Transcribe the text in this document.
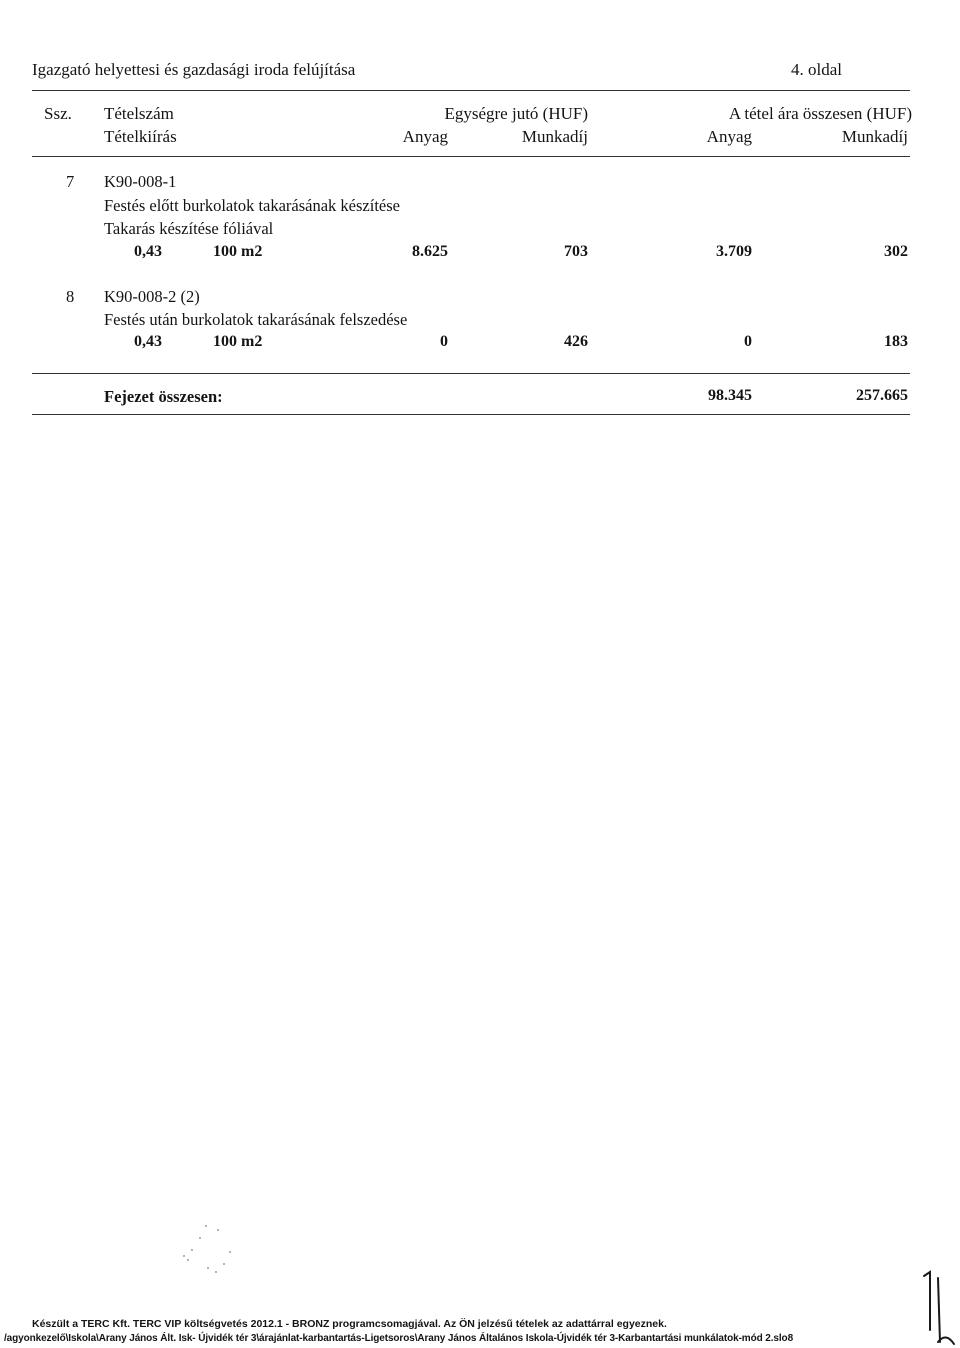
Igazgató helyettesi és gazdasági iroda felújítása	4. oldal
Ssz. Tételszám
Tételkiírás
Egységre jutó (HUF)
Anyag	Munkadíj
A tétel ára összesen (HUF)
Anyag	Munkadíj
7 K90-008-1
Festés előtt burkolatok takarásának készítése
Takarás készítése fóliával
0,43	100 m2	8.625	703	3.709	302
8 K90-008-2 (2)
Festés után burkolatok takarásának felszedése
0,43	100 m2	0	426	0	183
Fejezet összesen:	98.345	257.665
Készült a TERC Kft. TERC VIP költségvetés 2012.1 - BRONZ programcsomagjával. Az ÖN jelzésű tételek az adattárral egyeznek.
/agyonkezelő\Iskola\Arany János Ált. Isk- Újvidék tér 3\árajánlat-karbantartás-Ligetsoros\Arany János Általános Iskola-Újvidék tér 3-Karbantartási munkálatok-mód 2.slo8
